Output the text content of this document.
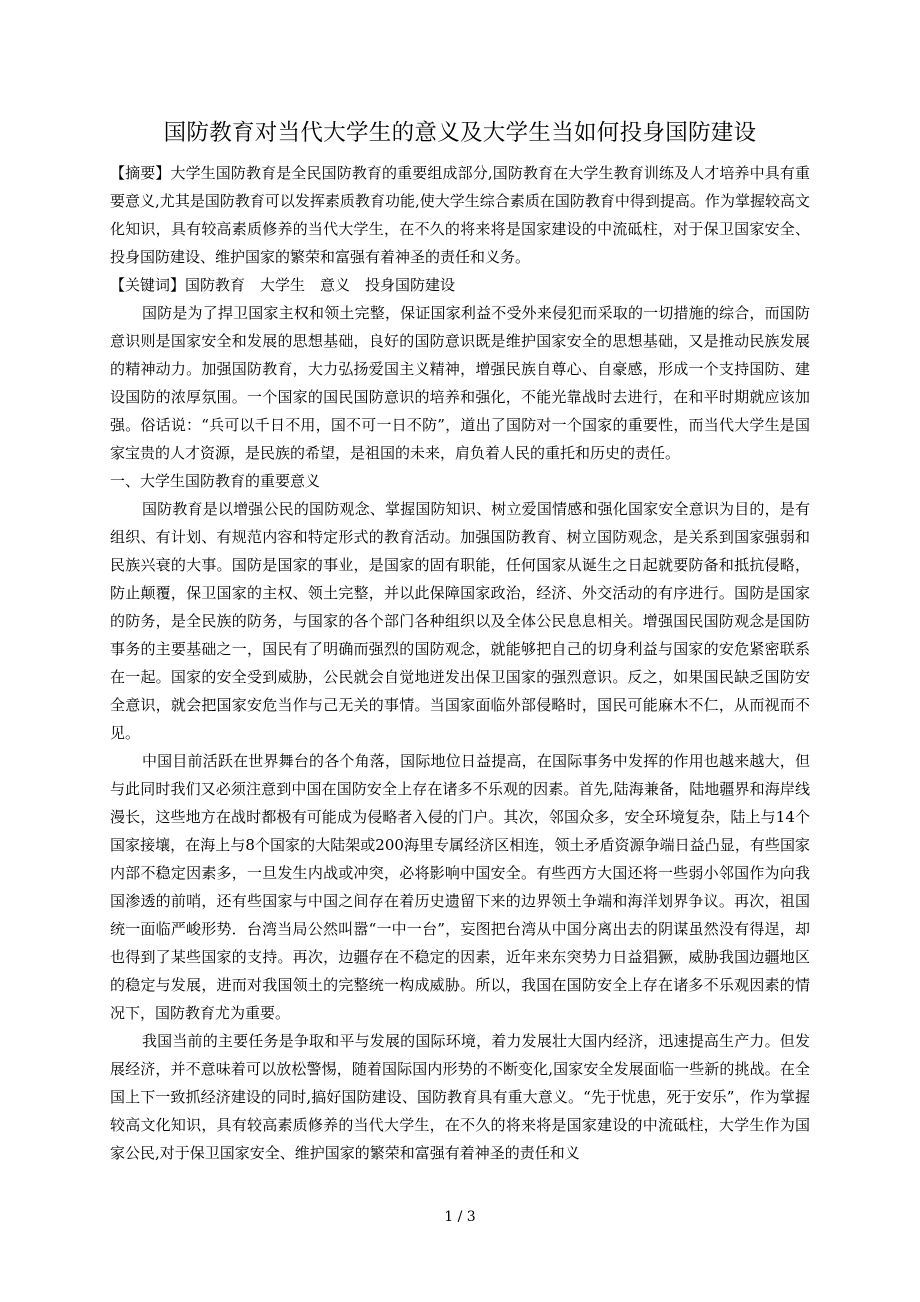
国防教育对当代大学生的意义及大学生当如何投身国防建设

【摘要】大学生国防教育是全民国防教育的重要组成部分,国防教育在大学生教育训练及人才培养中具有重要意义,尤其是国防教育可以发挥素质教育功能,使大学生综合素质在国防教育中得到提高。作为掌握较高文化知识，具有较高素质修养的当代大学生，在不久的将来将是国家建设的中流砥柱，对于保卫国家安全、投身国防建设、维护国家的繁荣和富强有着神圣的责任和义务。

【关键词】国防教育　大学生　意义　投身国防建设

国防是为了捍卫国家主权和领土完整，保证国家利益不受外来侵犯而采取的一切措施的综合，而国防意识则是国家安全和发展的思想基础，良好的国防意识既是维护国家安全的思想基础，又是推动民族发展的精神动力。加强国防教育，大力弘扬爱国主义精神，增强民族自尊心、自豪感，形成一个支持国防、建设国防的浓厚氛围。一个国家的国民国防意识的培养和强化，不能光靠战时去进行，在和平时期就应该加强。俗话说：“兵可以千日不用，国不可一日不防”，道出了国防对一个国家的重要性，而当代大学生是国家宝贵的人才资源，是民族的希望，是祖国的未来，肩负着人民的重托和历史的责任。

一、大学生国防教育的重要意义

国防教育是以增强公民的国防观念、掌握国防知识、树立爱国情感和强化国家安全意识为目的，是有组织、有计划、有规范内容和特定形式的教育活动。加强国防教育、树立国防观念，是关系到国家强弱和民族兴衰的大事。国防是国家的事业，是国家的固有职能，任何国家从诞生之日起就要防备和抵抗侵略，防止颠覆，保卫国家的主权、领土完整，并以此保障国家政治，经济、外交活动的有序进行。国防是国家的防务，是全民族的防务，与国家的各个部门各种组织以及全体公民息息相关。增强国民国防观念是国防事务的主要基础之一，国民有了明确而强烈的国防观念，就能够把自己的切身利益与国家的安危紧密联系在一起。国家的安全受到威胁，公民就会自觉地迸发出保卫国家的强烈意识。反之，如果国民缺乏国防安全意识，就会把国家安危当作与己无关的事情。当国家面临外部侵略时，国民可能麻木不仁，从而视而不见。

中国目前活跃在世界舞台的各个角落，国际地位日益提高，在国际事务中发挥的作用也越来越大，但与此同时我们又必须注意到中国在国防安全上存在诸多不乐观的因素。首先,陆海兼备，陆地疆界和海岸线漫长，这些地方在战时都极有可能成为侵略者入侵的门户。其次，邻国众多，安全环境复杂，陆上与14个国家接壤，在海上与8个国家的大陆架或200海里专属经济区相连，领土矛盾资源争端日益凸显，有些国家内部不稳定因素多，一旦发生内战或冲突，必将影响中国安全。有些西方大国还将一些弱小邻国作为向我国渗透的前哨，还有些国家与中国之间存在着历史遗留下来的边界领土争端和海洋划界争议。再次，祖国统一面临严峻形势．台湾当局公然叫嚣“一中一台”，妄图把台湾从中国分离出去的阴谋虽然没有得逞，却也得到了某些国家的支持。再次，边疆存在不稳定的因素，近年来东突势力日益猖獗，威胁我国边疆地区的稳定与发展，进而对我国领土的完整统一构成威胁。所以，我国在国防安全上存在诸多不乐观因素的情况下，国防教育尤为重要。

我国当前的主要任务是争取和平与发展的国际环境，着力发展壮大国内经济，迅速提高生产力。但发展经济，并不意味着可以放松警惕，随着国际国内形势的不断变化,国家安全发展面临一些新的挑战。在全国上下一致抓经济建设的同时,搞好国防建设、国防教育具有重大意义。“先于忧患，死于安乐”，作为掌握较高文化知识，具有较高素质修养的当代大学生，在不久的将来将是国家建设的中流砥柱，大学生作为国家公民,对于保卫国家安全、维护国家的繁荣和富强有着神圣的责任和义

1 / 3
